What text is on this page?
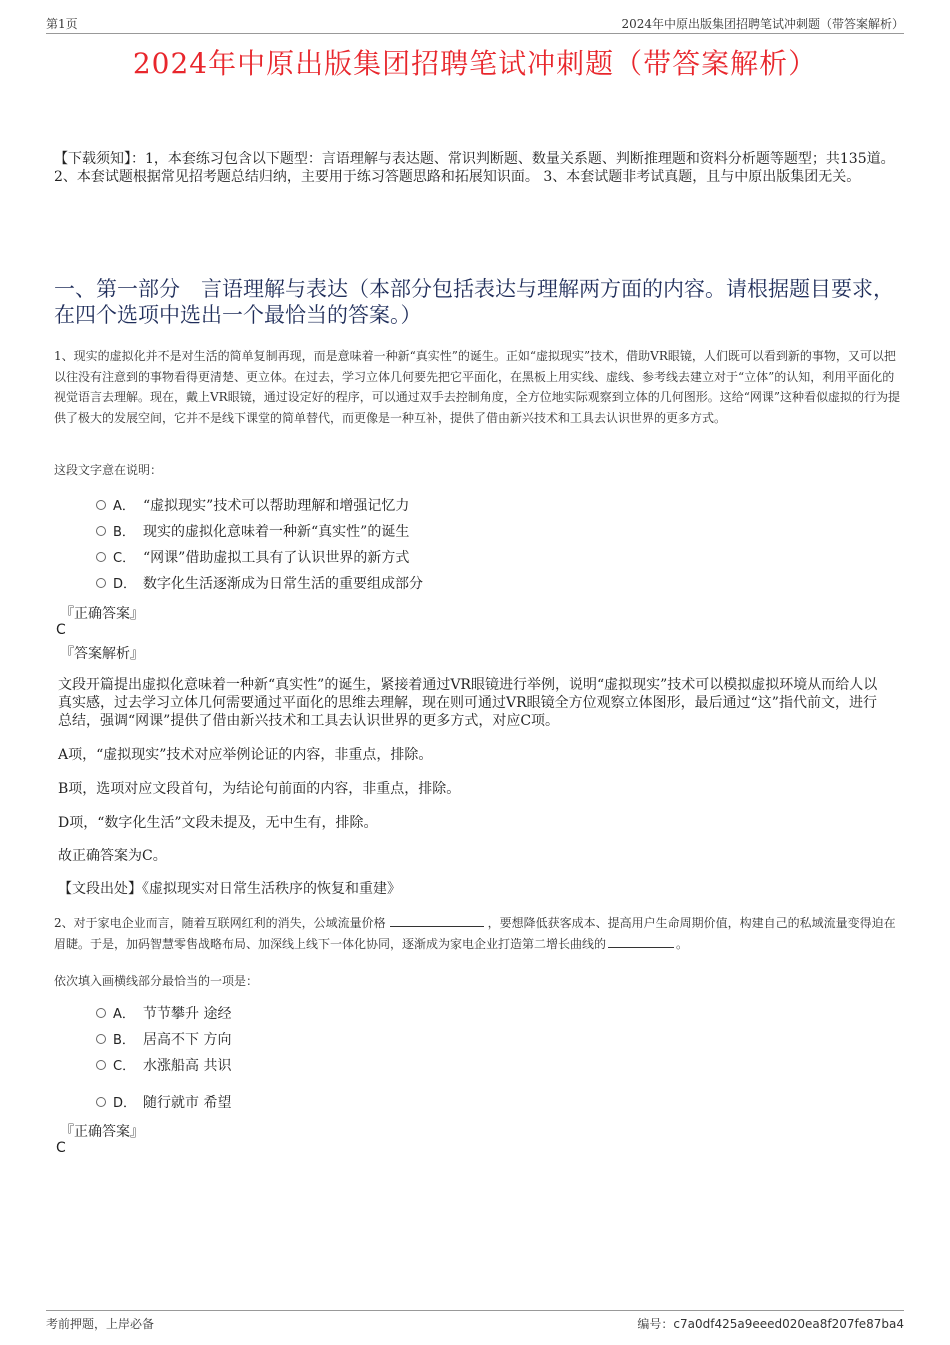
第1页	2024年中原出版集团招聘笔试冲刺题（带答案解析）
2024年中原出版集团招聘笔试冲刺题（带答案解析）
【下载须知】：1，本套练习包含以下题型：言语理解与表达题、常识判断题、数量关系题、判断推理题和资料分析题等题型；共135道。 2、本套试题根据常见招考题总结归纳，主要用于练习答题思路和拓展知识面。 3、本套试题非考试真题，且与中原出版集团无关。
一、第一部分　言语理解与表达（本部分包括表达与理解两方面的内容。请根据题目要求，在四个选项中选出一个最恰当的答案。）
1、现实的虚拟化并不是对生活的简单复制再现，而是意味着一种新“真实性”的诞生。正如“虚拟现实”技术，借助VR眼镜，人们既可以看到新的事物，又可以把以往没有注意到的事物看得更清楚、更立体。在过去，学习立体几何要先把它平面化，在黑板上用实线、虚线、参考线去建立对于“立体”的认知，利用平面化的视觉语言去理解。现在，戴上VR眼镜，通过设定好的程序，可以通过双手去控制角度，全方位地实际观察到立体的几何图形。这给“网课”这种看似虚拟的行为提供了极大的发展空间，它并不是线下课堂的简单替代，而更像是一种互补，提供了借由新兴技术和工具去认识世界的更多方式。
这段文字意在说明：
A． “虚拟现实”技术可以帮助理解和增强记忆力
B． 现实的虚拟化意味着一种新“真实性”的诞生
C． “网课”借助虚拟工具有了认识世界的新方式
D． 数字化生活逐渐成为日常生活的重要组成部分
『正确答案』
C
『答案解析』
文段开篇提出虚拟化意味着一种新“真实性”的诞生，紧接着通过VR眼镜进行举例，说明“虚拟现实”技术可以模拟虚拟环境从而给人以真实感，过去学习立体几何需要通过平面化的思维去理解，现在则可通过VR眼镜全方位观察立体图形，最后通过“这”指代前文，进行总结，强调“网课”提供了借由新兴技术和工具去认识世界的更多方式，对应C项。
A项，“虚拟现实”技术对应举例论证的内容，非重点，排除。
B项，选项对应文段首句，为结论句前面的内容，非重点，排除。
D项，“数字化生活”文段未提及，无中生有，排除。
故正确答案为C。
【文段出处】《虚拟现实对日常生活秩序的恢复和重建》
2、对于家电企业而言，随着互联网红利的消失，公域流量价格	，要想降低获客成本、提高用户生命周期价值，构建自己的私域流量变得迫在眉睫。于是，加码智慧零售战略布局、加深线上线下一体化协同，逐渐成为家电企业打造第二增长曲线的	。
依次填入画横线部分最恰当的一项是：
A． 节节攀升 途经
B． 居高不下 方向
C． 水涨船高 共识
D． 随行就市 希望
『正确答案』
C
考前押题，上岸必备	编号：c7a0df425a9eeed020ea8f207fe87ba4
